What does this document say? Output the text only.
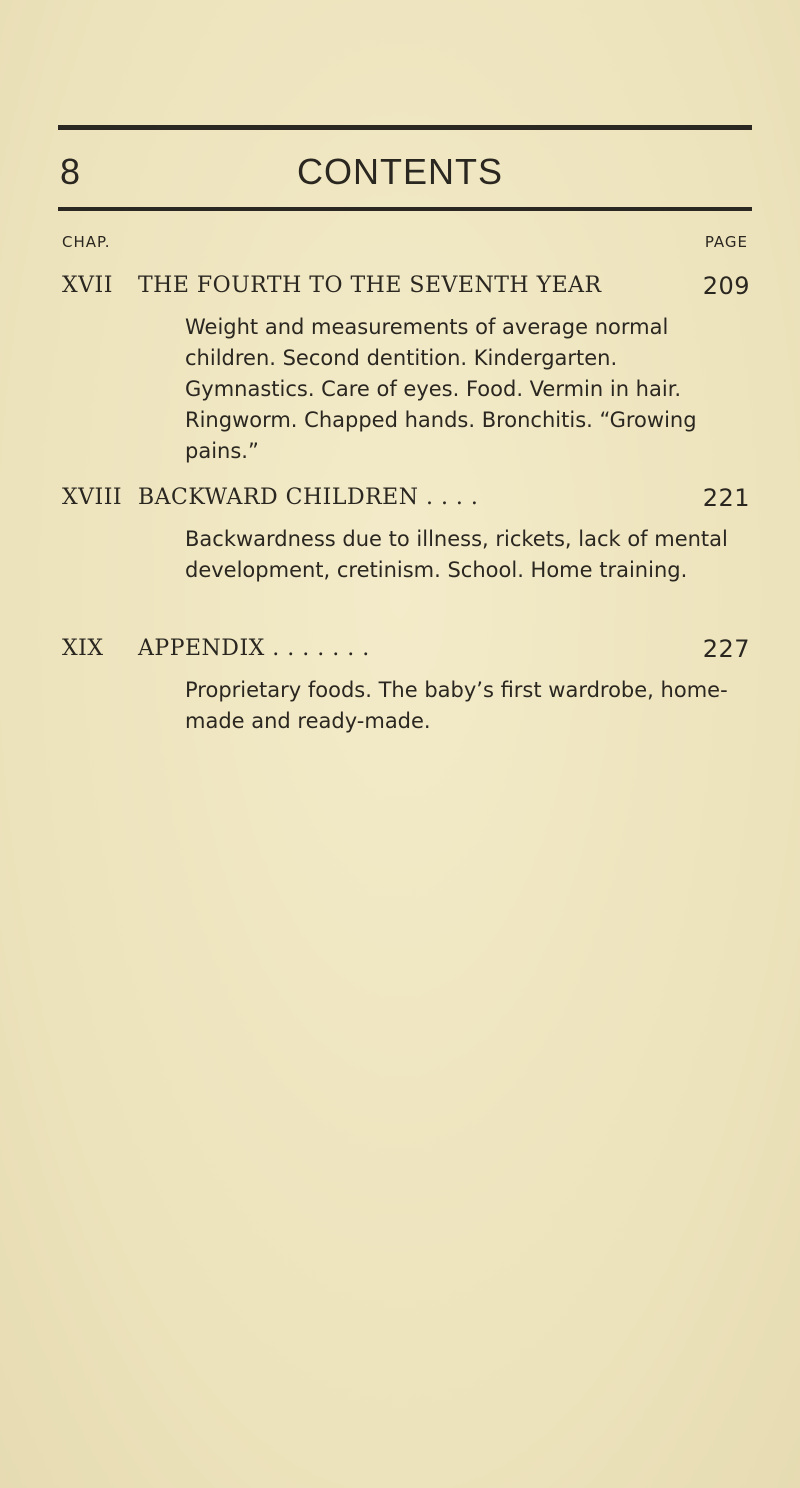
8	CONTENTS
CHAP.	PAGE
XVII THE FOURTH TO THE SEVENTH YEAR	209
Weight and measurements of average normal children. Second dentition. Kindergarten. Gymnastics. Care of eyes. Food. Vermin in hair. Ringworm. Chapped hands. Bronchitis. “Growing pains.”
XVIII BACKWARD CHILDREN . . . .	221
Backwardness due to illness, rickets, lack of mental development, cretinism. School. Home training.
XIX APPENDIX . . . . . . .	227
Proprietary foods. The baby’s first wardrobe, home-made and ready-made.
